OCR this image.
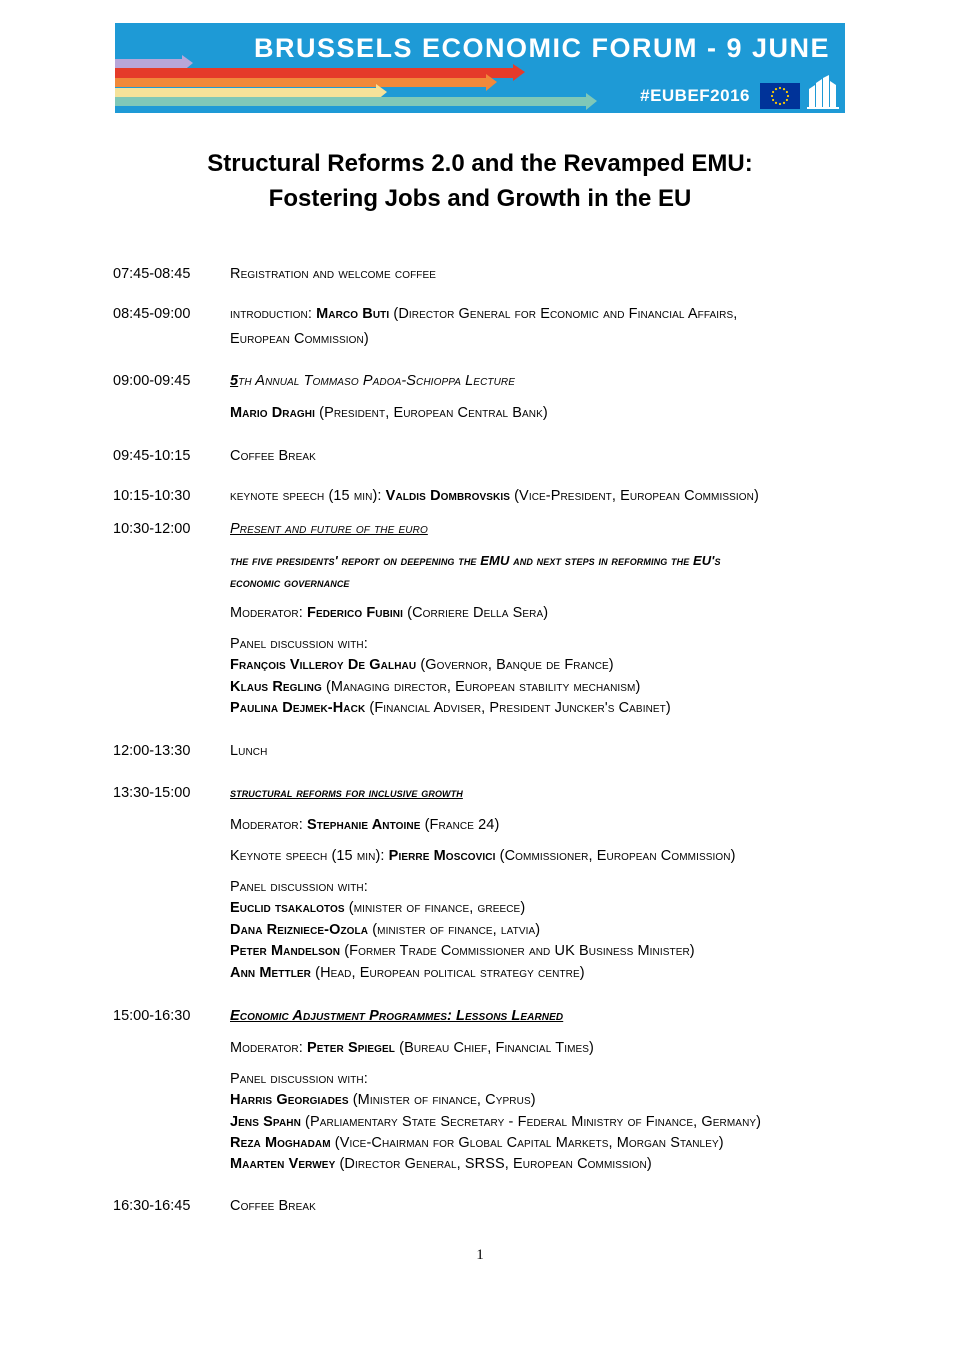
BRUSSELS ECONOMIC FORUM - 9 JUNE
#EUBEF2016
Structural Reforms 2.0 and the Revamped EMU:
Fostering Jobs and Growth in the EU
07:45-08:45	Registration and welcome coffee
08:45-09:00	introduction: Marco Buti (Director General for Economic and Financial Affairs,
European Commission)
09:00-09:45	5th Annual Tommaso Padoa-Schioppa Lecture
Mario Draghi (President, European Central Bank)
09:45-10:15	Coffee Break
10:15-10:30	keynote speech (15 min): Valdis Dombrovskis (Vice-President, European Commission)
10:30-12:00	Present and future of the euro
the five presidents' report on deepening the EMU and next steps in reforming the EU's
economic governance
Moderator: Federico Fubini (Corriere Della Sera)
Panel discussion with:
François Villeroy De Galhau (Governor, Banque de France)
Klaus Regling (Managing director, European stability mechanism)
Paulina Dejmek-Hack (Financial Adviser, President Juncker's Cabinet)
12:00-13:30	Lunch
13:30-15:00	structural reforms for inclusive growth
Moderator: Stephanie Antoine (France 24)
Keynote speech (15 min): Pierre Moscovici (Commissioner, European Commission)
Panel discussion with:
Euclid tsakalotos (minister of finance, greece)
Dana Reizniece-Ozola (minister of finance, latvia)
Peter Mandelson (Former Trade Commissioner and UK Business Minister)
Ann Mettler (Head, European political strategy centre)
15:00-16:30	Economic Adjustment Programmes: Lessons Learned
Moderator: Peter Spiegel (Bureau Chief, Financial Times)
Panel discussion with:
Harris Georgiades (Minister of finance, Cyprus)
Jens Spahn (Parliamentary State Secretary - Federal Ministry of Finance, Germany)
Reza Moghadam (Vice-Chairman for Global Capital Markets, Morgan Stanley)
Maarten Verwey (Director General, SRSS, European Commission)
16:30-16:45	Coffee Break
1
